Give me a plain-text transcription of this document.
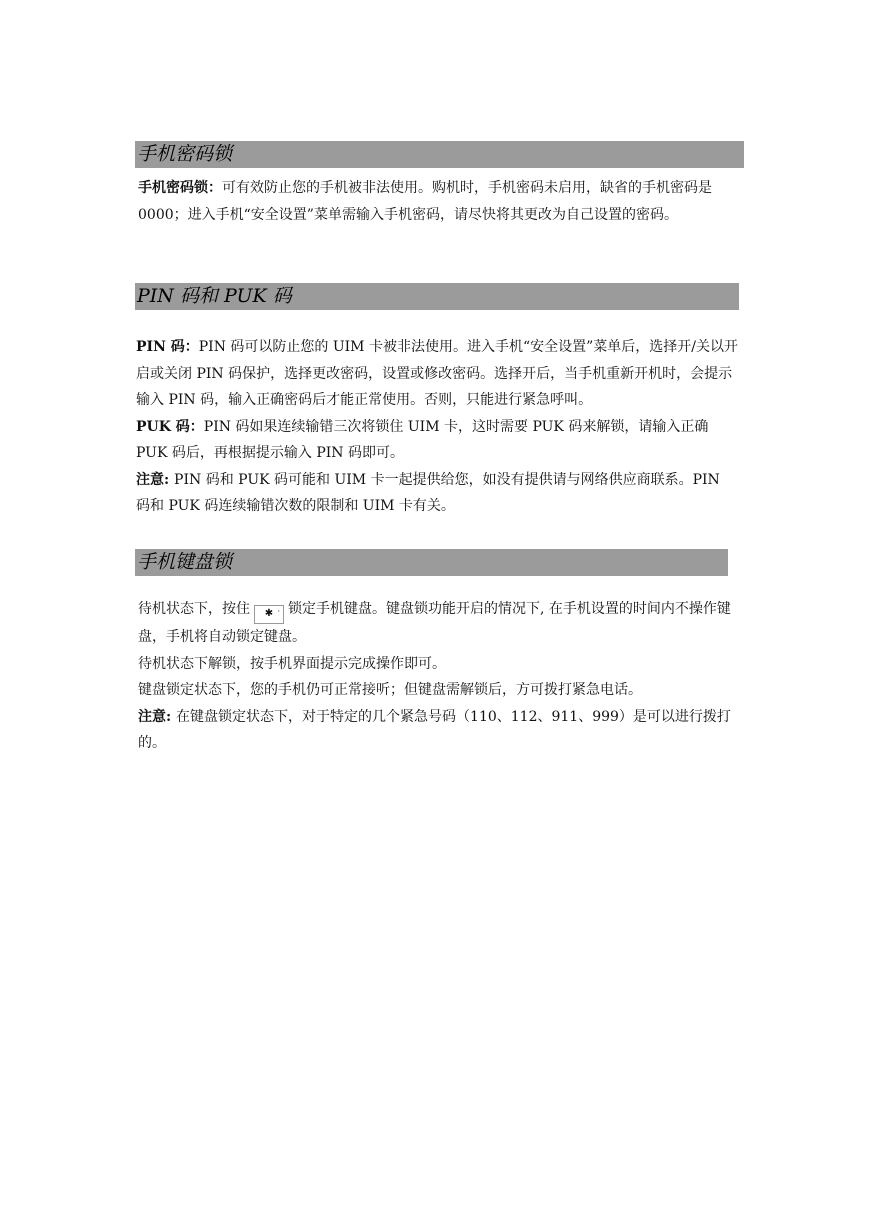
手机密码锁

手机密码锁：可有效防止您的手机被非法使用。购机时，手机密码未启用，缺省的手机密码是 0000；进入手机“安全设置”菜单需输入手机密码，请尽快将其更改为自己设置的密码。

PIN 码和 PUK 码

PIN 码：PIN 码可以防止您的 UIM 卡被非法使用。进入手机“安全设置”菜单后，选择开/关以开启或关闭 PIN 码保护，选择更改密码，设置或修改密码。选择开后，当手机重新开机时，会提示输入 PIN 码，输入正确密码后才能正常使用。否则，只能进行紧急呼叫。
PUK 码：PIN 码如果连续输错三次将锁住 UIM 卡，这时需要 PUK 码来解锁，请输入正确 PUK 码后，再根据提示输入 PIN 码即可。
注意: PIN 码和 PUK 码可能和 UIM 卡一起提供给您，如没有提供请与网络供应商联系。PIN 码和 PUK 码连续输错次数的限制和 UIM 卡有关。

手机键盘锁

待机状态下，按住 ✱ ˈ 锁定手机键盘。键盘锁功能开启的情况下, 在手机设置的时间内不操作键盘，手机将自动锁定键盘。
待机状态下解锁，按手机界面提示完成操作即可。
键盘锁定状态下，您的手机仍可正常接听；但键盘需解锁后，方可拨打紧急电话。
注意: 在键盘锁定状态下，对于特定的几个紧急号码（110、112、911、999）是可以进行拨打的。
